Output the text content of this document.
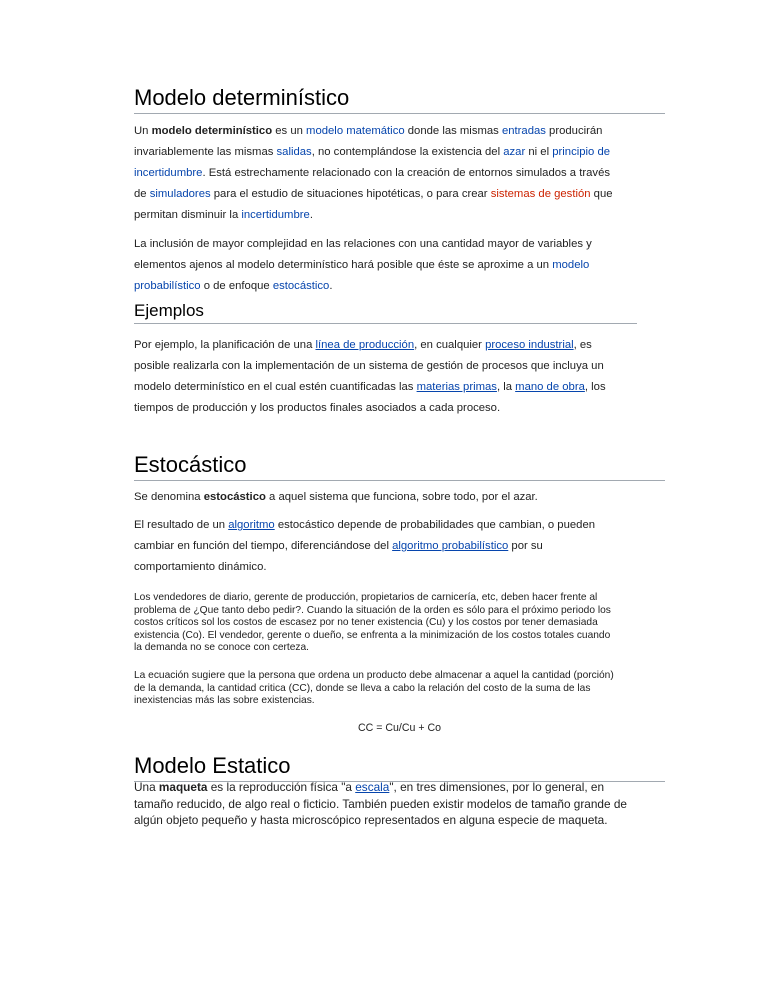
Modelo determinístico

Un modelo determinístico es un modelo matemático donde las mismas entradas producirán

invariablemente las mismas salidas, no contemplándose la existencia del azar ni el principio de

incertidumbre. Está estrechamente relacionado con la creación de entornos simulados a través

de simuladores para el estudio de situaciones hipotéticas, o para crear sistemas de gestión que

permitan disminuir la incertidumbre.

La inclusión de mayor complejidad en las relaciones con una cantidad mayor de variables y

elementos ajenos al modelo determinístico hará posible que éste se aproxime a un modelo

probabilístico o de enfoque estocástico.

Ejemplos

Por ejemplo, la planificación de una línea de producción, en cualquier proceso industrial, es

posible realizarla con la implementación de un sistema de gestión de procesos que incluya un

modelo determinístico en el cual estén cuantificadas las materias primas, la mano de obra, los

tiempos de producción y los productos finales asociados a cada proceso.

Estocástico

Se denomina estocástico a aquel sistema que funciona, sobre todo, por el azar.

El resultado de un algoritmo estocástico depende de probabilidades que cambian, o pueden

cambiar en función del tiempo, diferenciándose del algoritmo probabilístico por su

comportamiento dinámico.

Los vendedores de diario, gerente de producción, propietarios de carnicería, etc, deben hacer frente al

problema de ¿Que tanto debo pedir?. Cuando la situación de la orden es sólo para el próximo periodo los

costos críticos sol los costos de escasez por no tener existencia (Cu) y los costos por tener demasiada

existencia (Co). El vendedor, gerente o dueño, se enfrenta a la minimización de los costos totales cuando

la demanda no se conoce con certeza.

La ecuación sugiere que la persona que ordena un producto debe almacenar a aquel la cantidad (porción)

de la demanda, la cantidad critica (CC), donde se lleva a cabo la relación del costo de la suma de las

inexistencias más las sobre existencias.

Modelo Estatico

Una maqueta es la reproducción física "a escala", en tres dimensiones, por lo general, en

tamaño reducido, de algo real o ficticio. También pueden existir modelos de tamaño grande de

algún objeto pequeño y hasta microscópico representados en alguna especie de maqueta.

CC = Cu/Cu + Co
